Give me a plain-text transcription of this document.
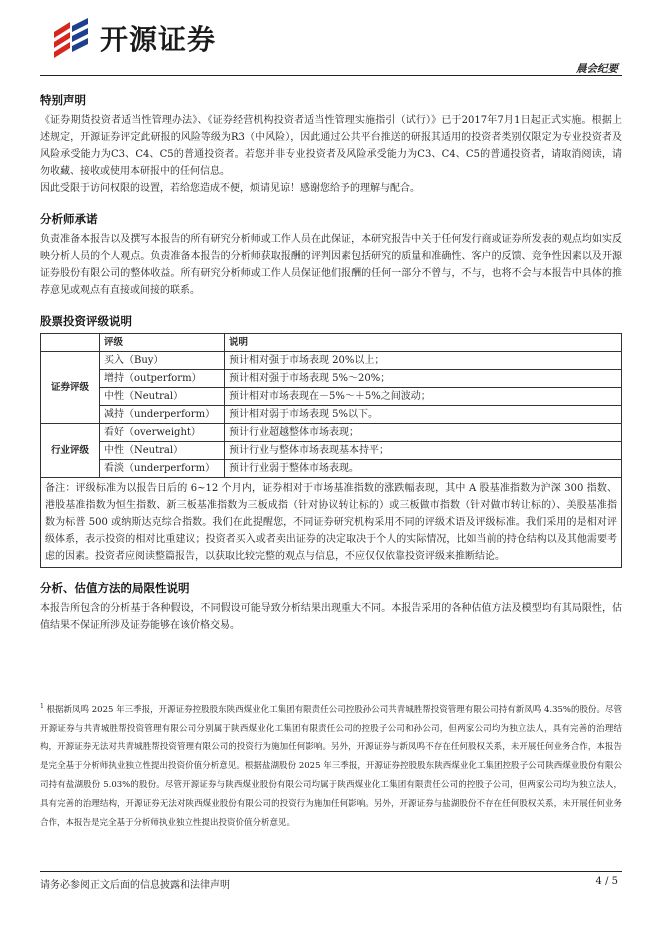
开源证券
晨会纪要
特别声明

《证券期货投资者适当性管理办法》、《证券经营机构投资者适当性管理实施指引（试行）》已于2017年7月1日起正式实施。根据上述规定，开源证券评定此研报的风险等级为R3（中风险），因此通过公共平台推送的研报其适用的投资者类别仅限定为专业投资者及风险承受能力为C3、C4、C5的普通投资者。若您并非专业投资者及风险承受能力为C3、C4、C5的普通投资者，请取消阅读，请勿收藏、接收或使用本研报中的任何信息。

因此受限于访问权限的设置，若给您造成不便，烦请见谅！感谢您给予的理解与配合。

分析师承诺

负责准备本报告以及撰写本报告的所有研究分析师或工作人员在此保证，本研究报告中关于任何发行商或证券所发表的观点均如实反映分析人员的个人观点。负责准备本报告的分析师获取报酬的评判因素包括研究的质量和准确性、客户的反馈、竞争性因素以及开源证券股份有限公司的整体收益。所有研究分析师或工作人员保证他们报酬的任何一部分不曾与，不与，也将不会与本报告中具体的推荐意见或观点有直接或间接的联系。

股票投资评级说明
	评级	说明
证券评级	买入（Buy）	预计相对强于市场表现 20%以上；
	增持（outperform）	预计相对强于市场表现 5%～20%；
	中性（Neutral）	预计相对市场表现在－5%～＋5%之间波动；
	减持（underperform）	预计相对弱于市场表现 5%以下。
行业评级	看好（overweight）	预计行业超越整体市场表现；
	中性（Neutral）	预计行业与整体市场表现基本持平；
	看淡（underperform）	预计行业弱于整体市场表现。
备注：评级标准为以报告日后的 6~12 个月内，证券相对于市场基准指数的涨跌幅表现，其中 A 股基准指数为沪深 300 指数、港股基准指数为恒生指数、新三板基准指数为三板成指（针对协议转让标的）或三板做市指数（针对做市转让标的）、美股基准指数为标普 500 或纳斯达克综合指数。我们在此提醒您，不同证券研究机构采用不同的评级术语及评级标准。我们采用的是相对评级体系，表示投资的相对比重建议；投资者买入或者卖出证券的决定取决于个人的实际情况，比如当前的持仓结构以及其他需要考虑的因素。投资者应阅读整篇报告，以获取比较完整的观点与信息，不应仅仅依靠投资评级来推断结论。		
分析、估值方法的局限性说明

本报告所包含的分析基于各种假设，不同假设可能导致分析结果出现重大不同。本报告采用的各种估值方法及模型均有其局限性，估值结果不保证所涉及证券能够在该价格交易。

$^1$ 根据新凤鸣 2025 年三季报，开源证券控股股东陕西煤业化工集团有限责任公司控股孙公司共青城胜帮投资管理有限公司持有新凤鸣 4.35%的股份。尽管开源证券与共青城胜帮投资管理有限公司分别属于陕西煤业化工集团有限责任公司的控股子公司和孙公司，但两家公司均为独立法人，具有完善的治理结构，开源证券无法对共青城胜帮投资管理有限公司的投资行为施加任何影响。另外，开源证券与新凤鸣不存在任何股权关系，未开展任何业务合作，本报告是完全基于分析师执业独立性提出投资价值分析意见。根据盐湖股份 2025 年三季报，开源证券控股股东陕西煤业化工集团控股子公司陕西煤业股份有限公司持有盐湖股份 5.03%的股份。尽管开源证券与陕西煤业股份有限公司均属于陕西煤业化工集团有限责任公司的控股子公司，但两家公司均为独立法人，具有完善的治理结构，开源证券无法对陕西煤业股份有限公司的投资行为施加任何影响。另外，开源证券与盐湖股份不存在任何股权关系，未开展任何业务合作，本报告是完全基于分析师执业独立性提出投资价值分析意见。
请务必参阅正文后面的信息披露和法律声明	4 / 5
